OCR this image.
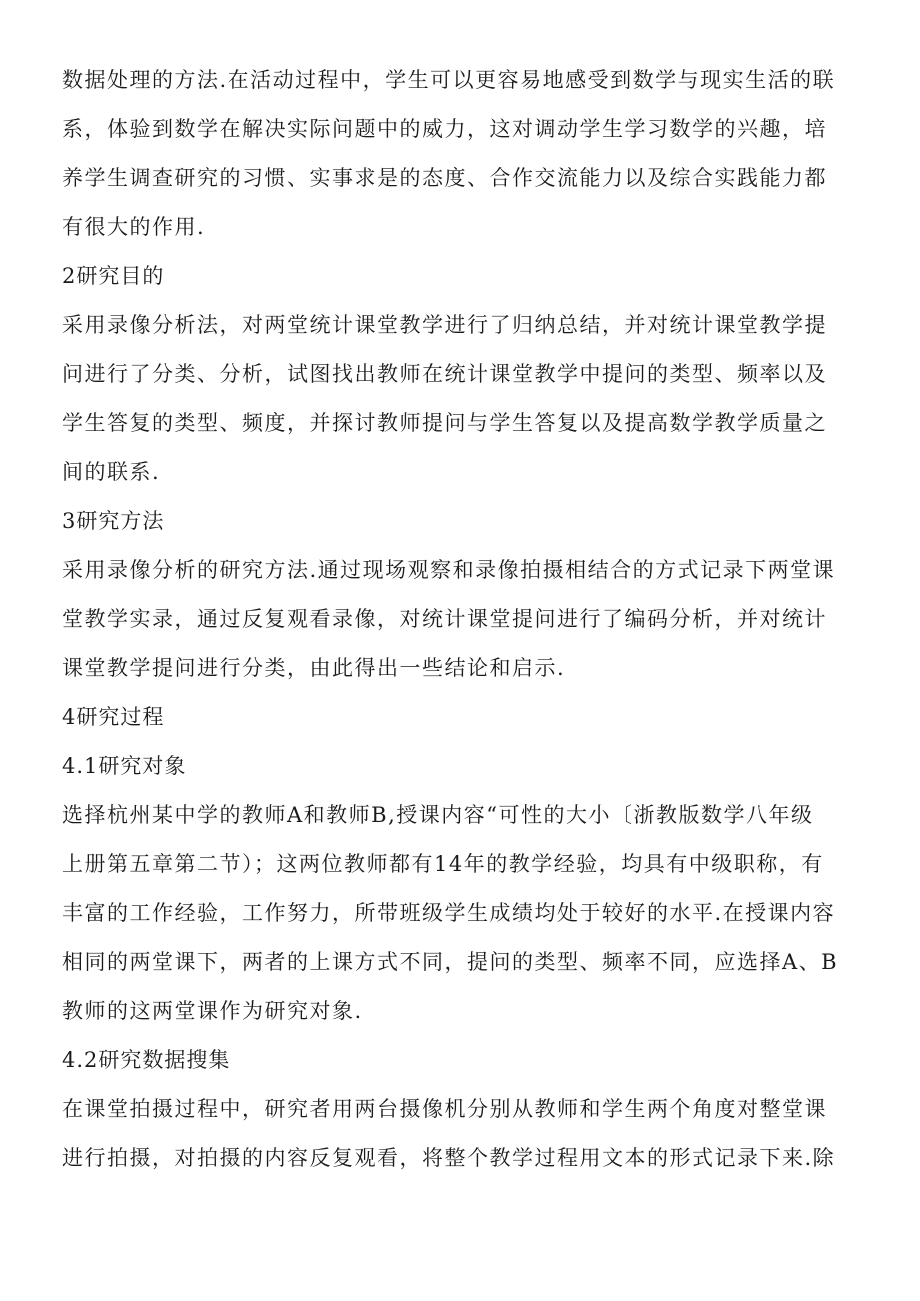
数据处理的方法.在活动过程中，学生可以更容易地感受到数学与现实生活的联
系，体验到数学在解决实际问题中的威力，这对调动学生学习数学的兴趣，培
养学生调查研究的习惯、实事求是的态度、合作交流能力以及综合实践能力都
有很大的作用.
2研究目的
采用录像分析法，对两堂统计课堂教学进行了归纳总结，并对统计课堂教学提
问进行了分类、分析，试图找出教师在统计课堂教学中提问的类型、频率以及
学生答复的类型、频度，并探讨教师提问与学生答复以及提高数学教学质量之
间的联系.
3研究方法
采用录像分析的研究方法.通过现场观察和录像拍摄相结合的方式记录下两堂课
堂教学实录，通过反复观看录像，对统计课堂提问进行了编码分析，并对统计
课堂教学提问进行分类，由此得出一些结论和启示.
4研究过程
4.1研究对象
选择杭州某中学的教师A和教师B,授课内容“可性的大小〔浙教版数学八年级
上册第五章第二节）；这两位教师都有14年的教学经验，均具有中级职称，有
丰富的工作经验，工作努力，所带班级学生成绩均处于较好的水平.在授课内容
相同的两堂课下，两者的上课方式不同，提问的类型、频率不同，应选择A、B
教师的这两堂课作为研究对象.
4.2研究数据搜集
在课堂拍摄过程中，研究者用两台摄像机分别从教师和学生两个角度对整堂课
进行拍摄，对拍摄的内容反复观看，将整个教学过程用文本的形式记录下来.除
